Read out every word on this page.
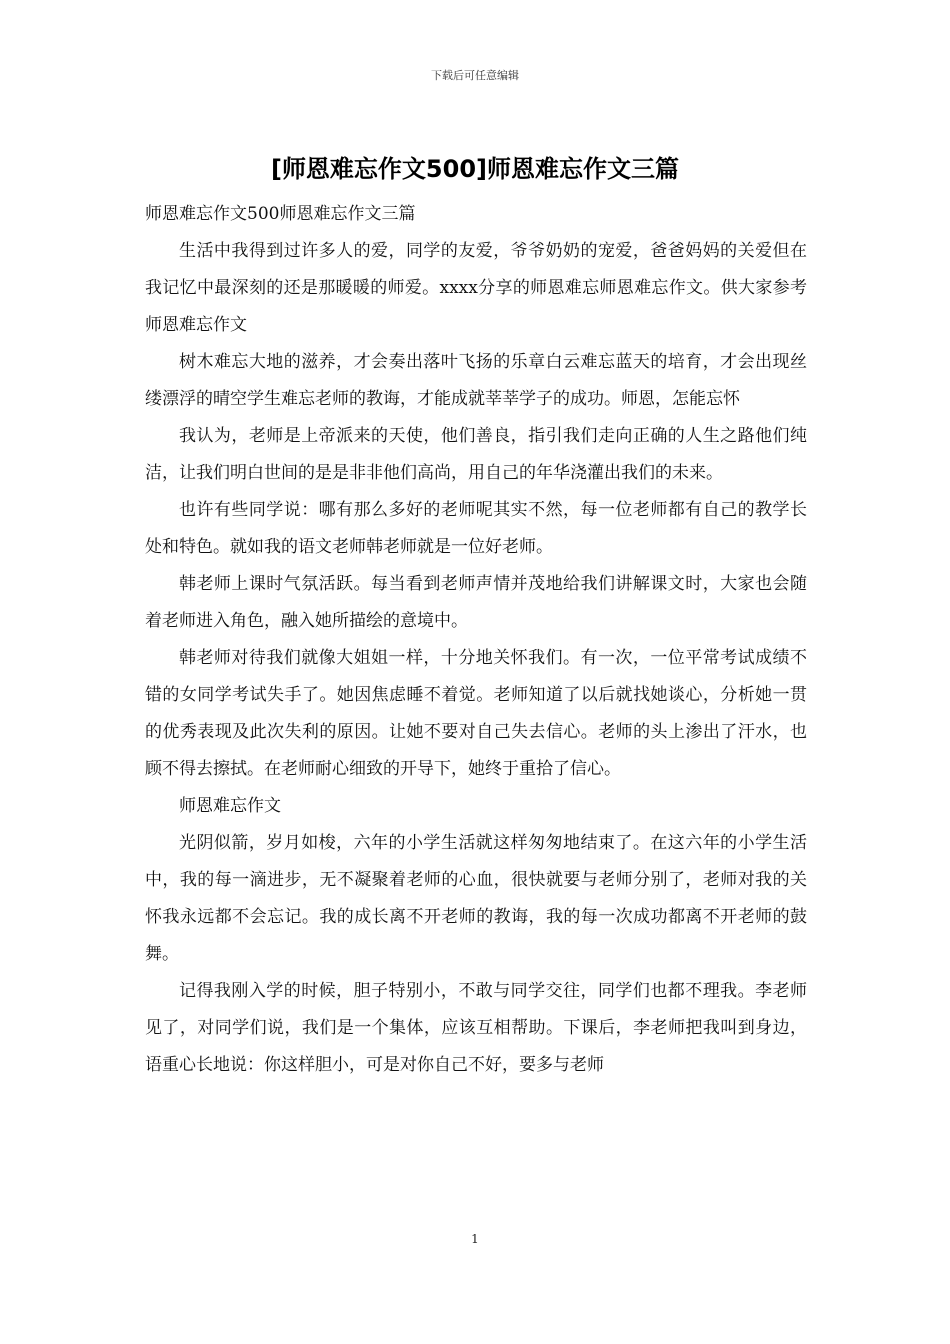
下载后可任意编辑
[师恩难忘作文500]师恩难忘作文三篇

师恩难忘作文500师恩难忘作文三篇

生活中我得到过许多人的爱，同学的友爱，爷爷奶奶的宠爱，爸爸妈妈的关爱但在我记忆中最深刻的还是那暖暖的师爱。xxxx分享的师恩难忘师恩难忘作文。供大家参考师恩难忘作文

树木难忘大地的滋养，才会奏出落叶飞扬的乐章白云难忘蓝天的培育，才会出现丝缕漂浮的晴空学生难忘老师的教诲，才能成就莘莘学子的成功。师恩，怎能忘怀

我认为，老师是上帝派来的天使，他们善良，指引我们走向正确的人生之路他们纯洁，让我们明白世间的是是非非他们高尚，用自己的年华浇灌出我们的未来。

也许有些同学说：哪有那么多好的老师呢其实不然，每一位老师都有自己的教学长处和特色。就如我的语文老师韩老师就是一位好老师。

韩老师上课时气氛活跃。每当看到老师声情并茂地给我们讲解课文时，大家也会随着老师进入角色，融入她所描绘的意境中。

韩老师对待我们就像大姐姐一样，十分地关怀我们。有一次，一位平常考试成绩不错的女同学考试失手了。她因焦虑睡不着觉。老师知道了以后就找她谈心，分析她一贯的优秀表现及此次失利的原因。让她不要对自己失去信心。老师的头上渗出了汗水，也顾不得去擦拭。在老师耐心细致的开导下，她终于重拾了信心。

师恩难忘作文

光阴似箭，岁月如梭，六年的小学生活就这样匆匆地结束了。在这六年的小学生活中，我的每一滴进步，无不凝聚着老师的心血，很快就要与老师分别了，老师对我的关怀我永远都不会忘记。我的成长离不开老师的教诲，我的每一次成功都离不开老师的鼓舞。

记得我刚入学的时候，胆子特别小，不敢与同学交往，同学们也都不理我。李老师见了，对同学们说，我们是一个集体，应该互相帮助。下课后，李老师把我叫到身边，语重心长地说：你这样胆小，可是对你自己不好，要多与老师

1
